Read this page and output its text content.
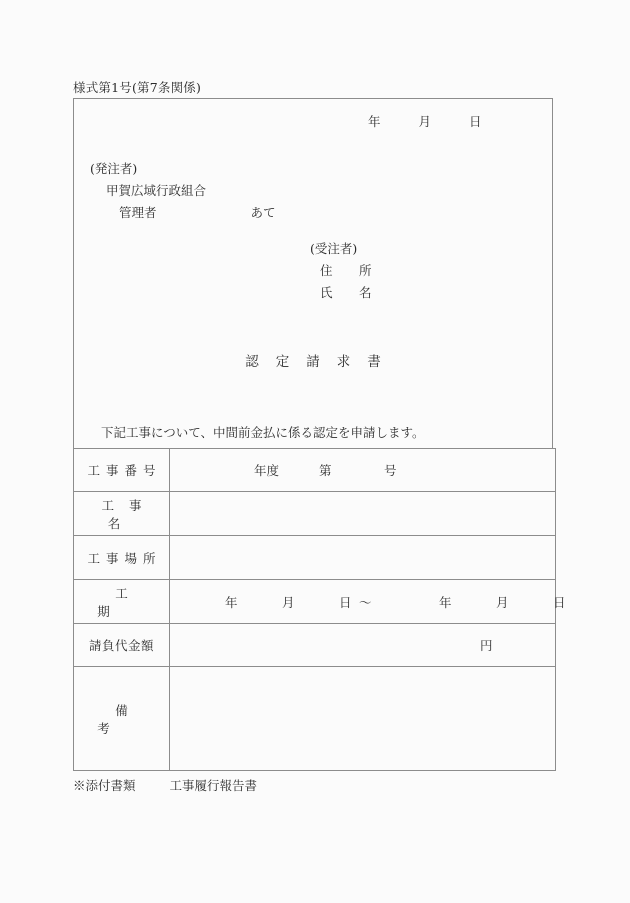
様式第1号(第7条関係)
年	月	日
(発注者)
甲賀広域行政組合
管理者	あて
(受注者)
住　所
氏　名
認定請求書
下記工事について、中間前金払に係る認定を申請します。
工事番号	年度 第 号

工事名	
工事場所	
工期	年 月 日 ～ 年 月 日

請負代金額	円

備考	
※添付書類	工事履行報告書
